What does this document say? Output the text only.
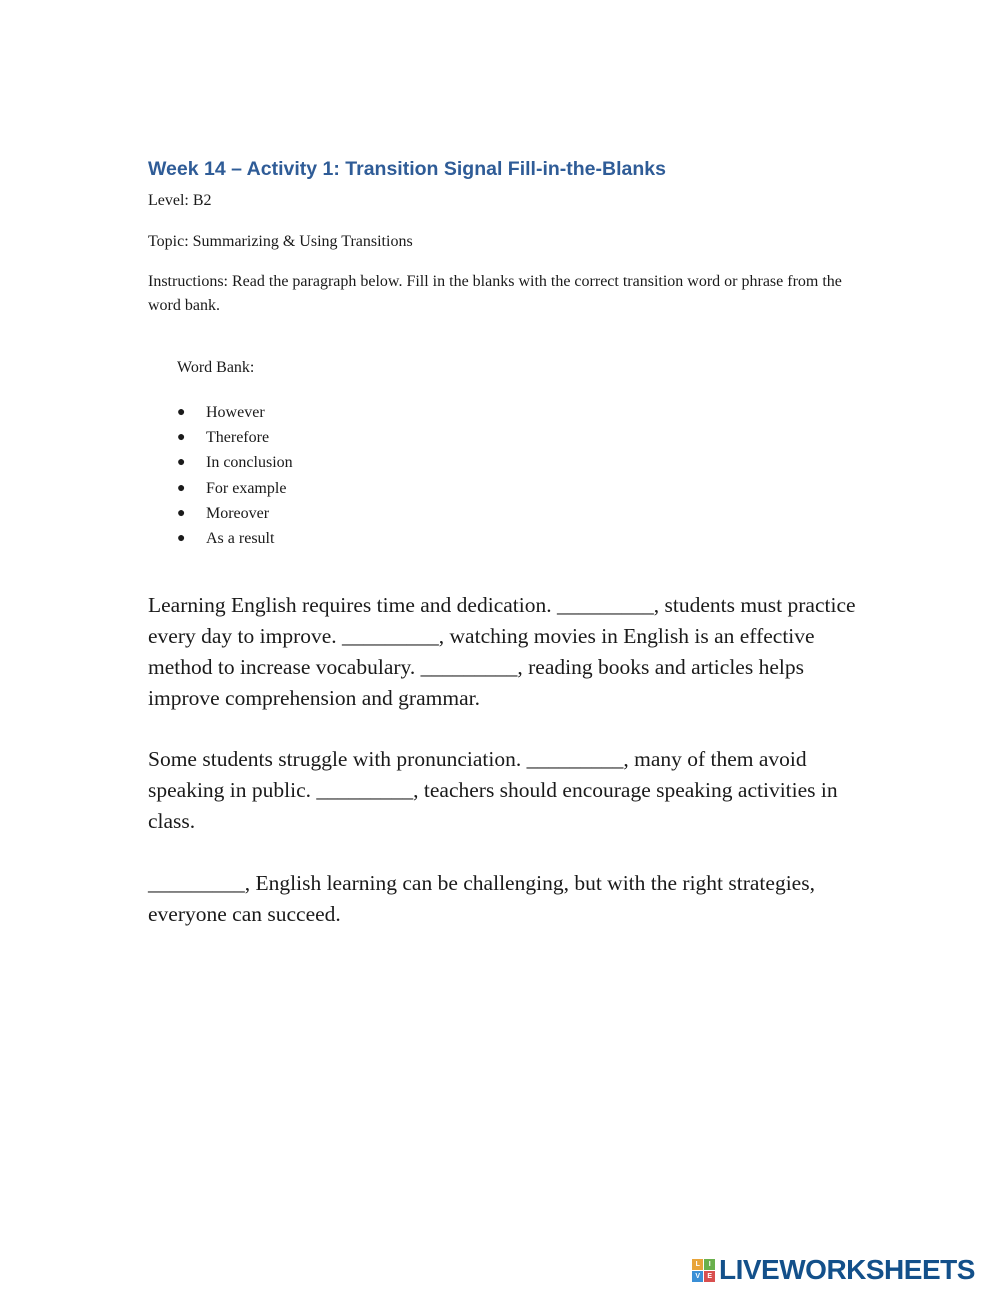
Week 14 – Activity 1: Transition Signal Fill-in-the-Blanks

Level: B2

Topic: Summarizing & Using Transitions

Instructions: Read the paragraph below. Fill in the blanks with the correct transition word or phrase from the word bank.

Word Bank:

●	However
●	Therefore
●	In conclusion
●	For example
●	Moreover
●	As a result

Learning English requires time and dedication. _________, students must practice every day to improve. _________, watching movies in English is an effective method to increase vocabulary. _________, reading books and articles helps improve comprehension and grammar.

Some students struggle with pronunciation. _________, many of them avoid speaking in public. _________, teachers should encourage speaking activities in class.

_________, English learning can be challenging, but with the right strategies, everyone can succeed.

L	I
V	E LIVEWORKSHEETS
